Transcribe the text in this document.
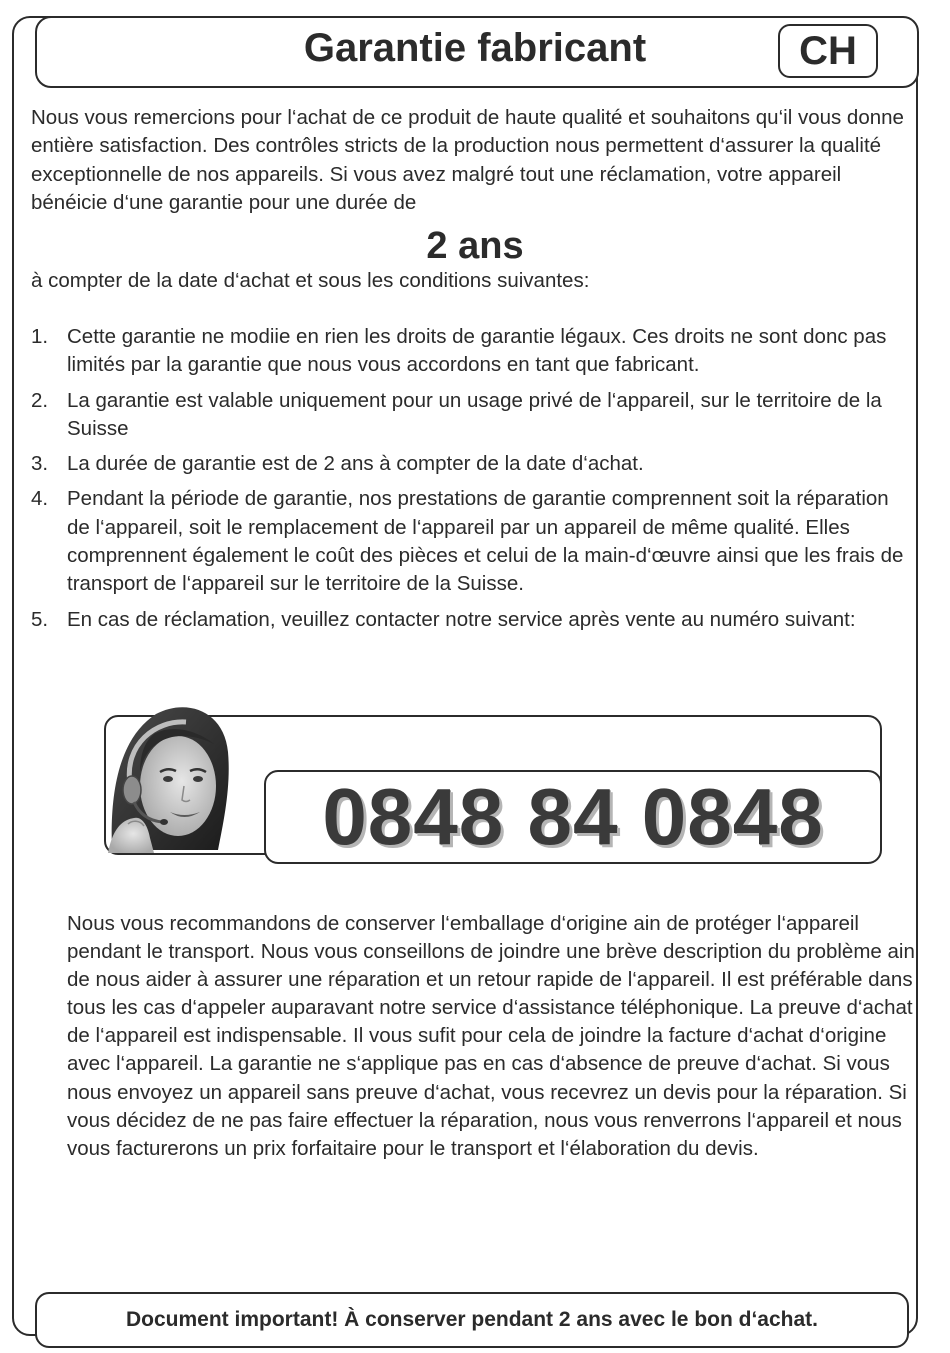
Garantie fabricant	CH

Nous vous remercions pour l‘achat de ce produit de haute qualité et souhaitons qu‘il vous donne entière satisfaction. Des contrôles stricts de la production nous permettent d‘assurer la qualité exceptionnelle de nos appareils. Si vous avez malgré tout une réclamation, votre appareil bénéicie d‘une garantie pour une durée de

2 ans

à compter de la date d‘achat et sous les conditions suivantes:

1. Cette garantie ne modiie en rien les droits de garantie légaux. Ces droits ne sont donc pas limités par la garantie que nous vous accordons en tant que fabricant.
2. La garantie est valable uniquement pour un usage privé de l‘appareil, sur le territoire de la Suisse
3. La durée de garantie est de 2 ans à compter de la date d‘achat.
4. Pendant la période de garantie, nos prestations de garantie comprennent soit la réparation de l‘appareil, soit le remplacement de l‘appareil par un appareil de même qualité. Elles comprennent également le coût des pièces et celui de la main-d‘œuvre ainsi que les frais de transport de l‘appareil sur le territoire de la Suisse.
5. En cas de réclamation, veuillez contacter notre service après vente au numéro suivant:
0848 84 0848

Nous vous recommandons de conserver l‘emballage d‘origine ain de protéger l‘appareil pendant le transport. Nous vous conseillons de joindre une brève description du problème ain de nous aider à assurer une réparation et un retour rapide de l‘appareil. Il est préférable dans tous les cas d‘appeler auparavant notre service d‘assistance téléphonique. La preuve d‘achat de l‘appareil est indispensable. Il vous sufit pour cela de joindre la facture d‘achat d‘origine avec l‘appareil. La garantie ne s‘applique pas en cas d‘absence de preuve d‘achat. Si vous nous envoyez un appareil sans preuve d‘achat, vous recevrez un devis pour la réparation. Si vous décidez de ne pas faire effectuer la réparation, nous vous renverrons l‘appareil et nous vous facturerons un prix forfaitaire pour le transport et l‘élaboration du devis.

Document important! À conserver pendant 2 ans avec le bon d‘achat.
